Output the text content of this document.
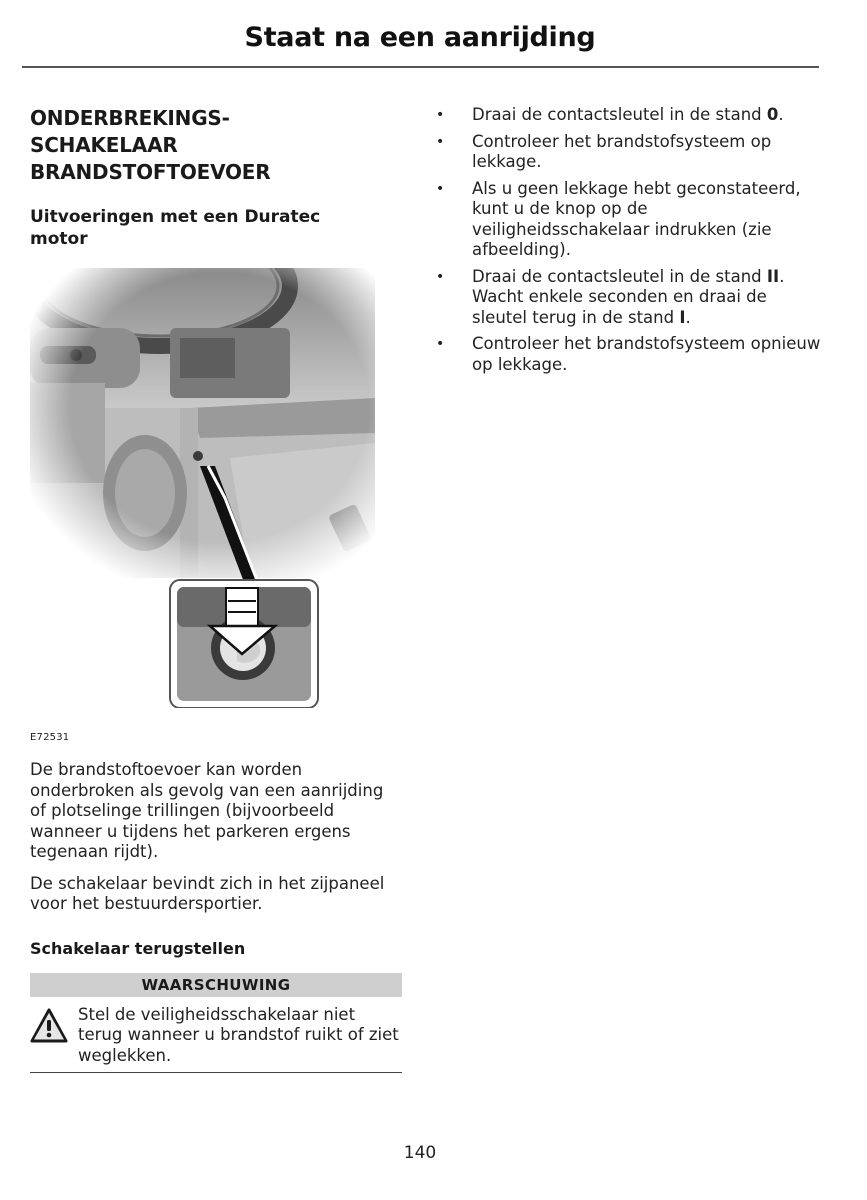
Staat na een aanrijding
ONDERBREKINGS-
SCHAKELAAR
BRANDSTOFTOEVOER
Uitvoeringen met een Duratec
motor
E72531

De brandstoftoevoer kan worden onderbroken als gevolg van een aanrijding of plotselinge trillingen (bijvoorbeeld wanneer u tijdens het parkeren ergens tegenaan rijdt).

De schakelaar bevindt zich in het zijpaneel voor het bestuurdersportier.

Schakelaar terugstellen
WAARSCHUWING
Stel de veiligheidsschakelaar niet terug wanneer u brandstof ruikt of ziet weglekken.
• Draai de contactsleutel in de stand 0.
• Controleer het brandstofsysteem op lekkage.
• Als u geen lekkage hebt geconstateerd, kunt u de knop op de veiligheidsschakelaar indrukken (zie afbeelding).
• Draai de contactsleutel in de stand II. Wacht enkele seconden en draai de sleutel terug in de stand I.
• Controleer het brandstofsysteem opnieuw op lekkage.
140
